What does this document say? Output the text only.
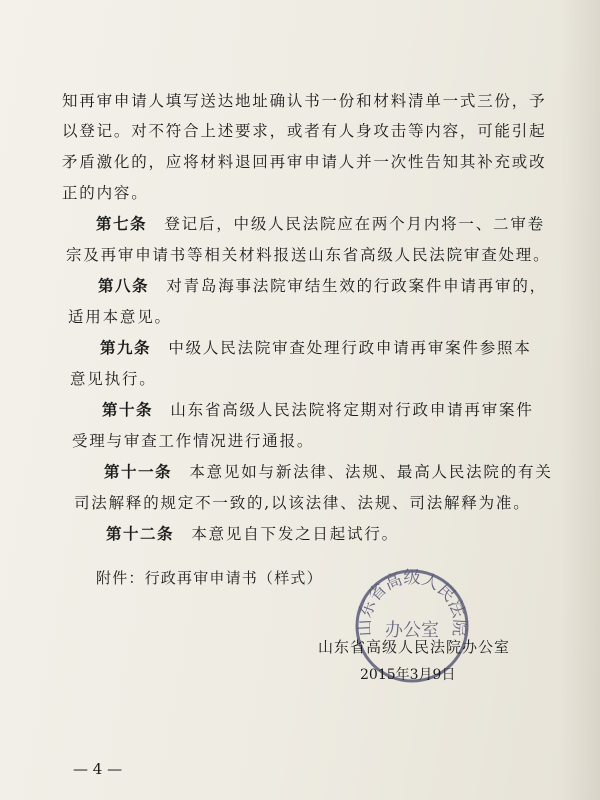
知再审申请人填写送达地址确认书一份和材料清单一式三份，予
以登记。对不符合上述要求，或者有人身攻击等内容，可能引起
矛盾激化的，应将材料退回再审申请人并一次性告知其补充或改
正的内容。
第七条　登记后，中级人民法院应在两个月内将一、二审卷
宗及再审申请书等相关材料报送山东省高级人民法院审查处理。
第八条　对青岛海事法院审结生效的行政案件申请再审的，
适用本意见。
第九条　中级人民法院审查处理行政申请再审案件参照本
意见执行。
第十条　山东省高级人民法院将定期对行政申请再审案件
受理与审查工作情况进行通报。
第十一条　本意见如与新法律、法规、最高人民法院的有关
司法解释的规定不一致的,以该法律、法规、司法解释为准。
第十二条　本意见自下发之日起试行。
附件：行政再审申请书（样式）
山东省高级人民法院
办公室
山东省高级人民法院办公室
2015年3月9日
— 4 —
